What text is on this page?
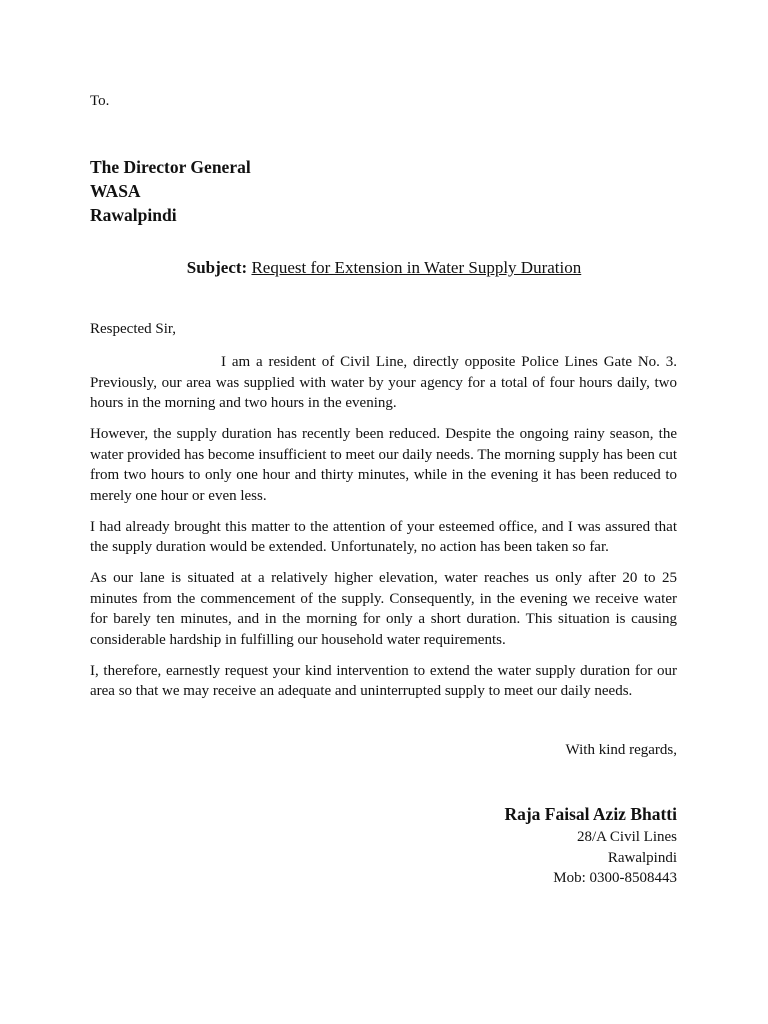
To.
The Director General
WASA
Rawalpindi
Subject: Request for Extension in Water Supply Duration
Respected Sir,

I am a resident of Civil Line, directly opposite Police Lines Gate No. 3. Previously, our area was supplied with water by your agency for a total of four hours daily, two hours in the morning and two hours in the evening.

However, the supply duration has recently been reduced. Despite the ongoing rainy season, the water provided has become insufficient to meet our daily needs. The morning supply has been cut from two hours to only one hour and thirty minutes, while in the evening it has been reduced to merely one hour or even less.

I had already brought this matter to the attention of your esteemed office, and I was assured that the supply duration would be extended. Unfortunately, no action has been taken so far.

As our lane is situated at a relatively higher elevation, water reaches us only after 20 to 25 minutes from the commencement of the supply. Consequently, in the evening we receive water for barely ten minutes, and in the morning for only a short duration. This situation is causing considerable hardship in fulfilling our household water requirements.

I, therefore, earnestly request your kind intervention to extend the water supply duration for our area so that we may receive an adequate and uninterrupted supply to meet our daily needs.

With kind regards,
Raja Faisal Aziz Bhatti
28/A Civil Lines
Rawalpindi
Mob: 0300-8508443
